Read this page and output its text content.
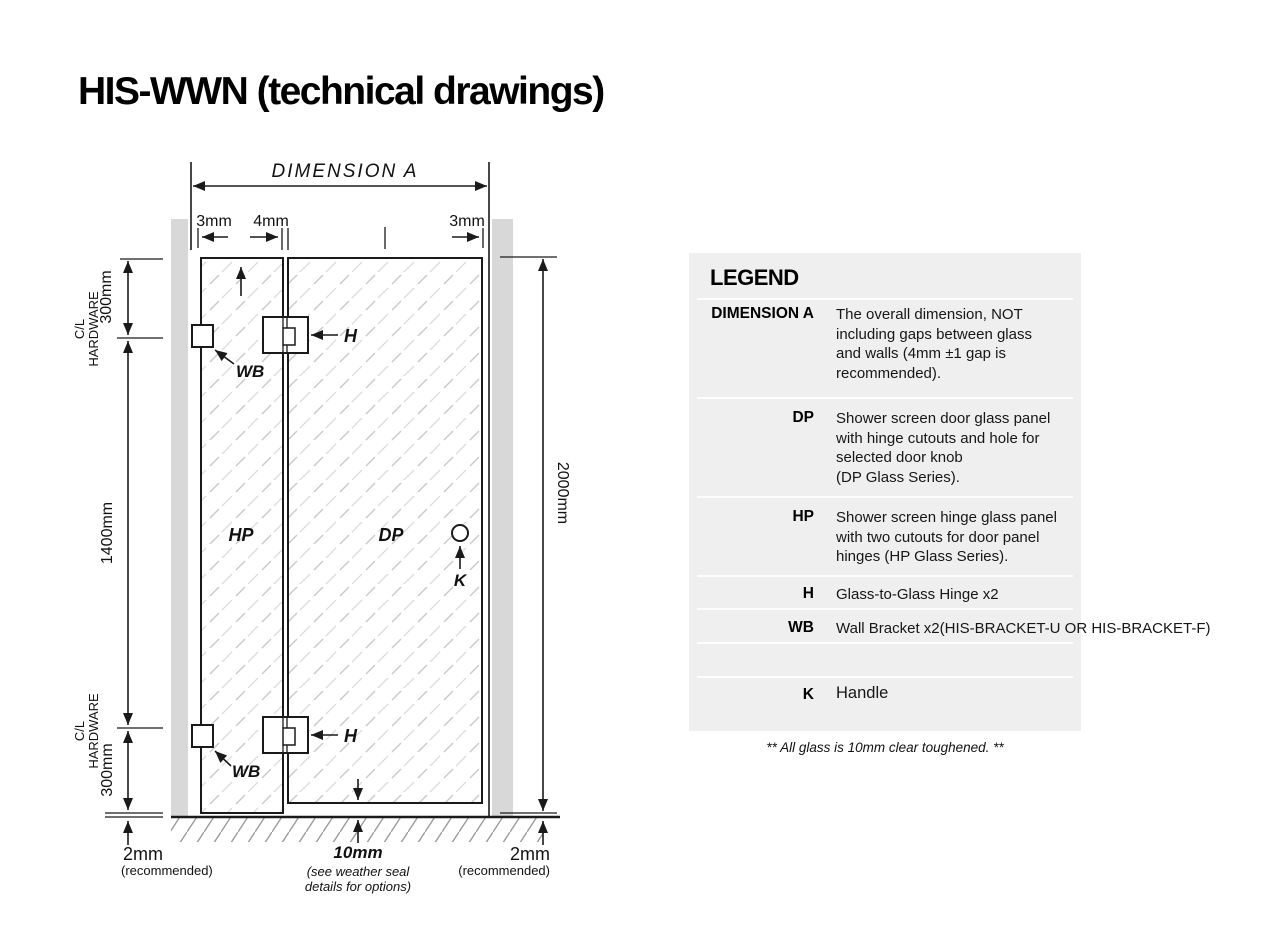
HIS-WWN (technical drawings)
DIMENSION A
3mm 4mm	3mm
300mm
C/L HARDWARE
1400mm
C/L HARDWARE
300mm
2000mm
WB
H
WB
H
HP	DP
K
2mm
(recommended)
10mm
(see weather seal
details for options)
2mm
(recommended)
LEGEND
DIMENSION A The overall dimension, NOT
including gaps between glass
and walls (4mm ±1 gap is
recommended).
DP Shower screen door glass panel
with hinge cutouts and hole for
selected door knob
(DP Glass Series).
HP Shower screen hinge glass panel
with two cutouts for door panel
hinges (HP Glass Series).
H Glass-to-Glass Hinge x2
WB Wall Bracket x2(HIS-BRACKET-U OR HIS-BRACKET-F)
K Handle
** All glass is 10mm clear toughened. **
